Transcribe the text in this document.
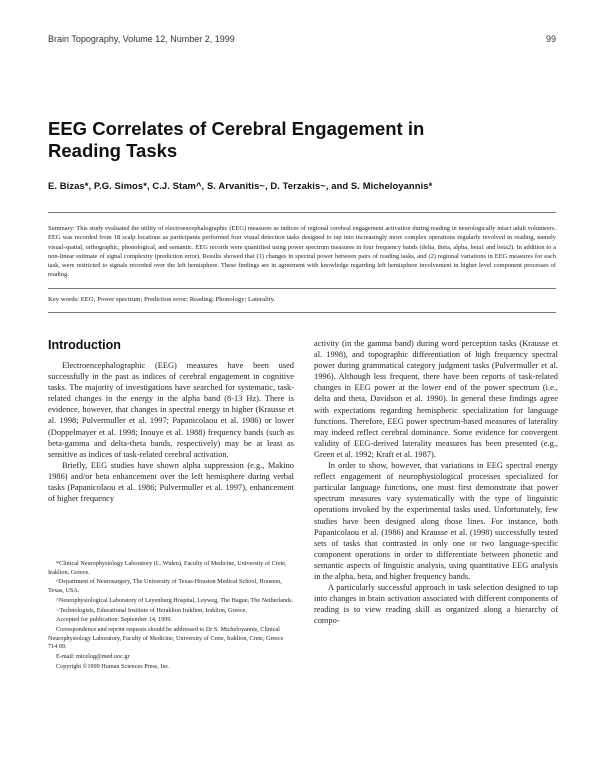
Brain Topography, Volume 12, Number 2, 1999	99
EEG Correlates of Cerebral Engagement in Reading Tasks

E. Bizas*, P.G. Simos*, C.J. Stam^, S. Arvanitis~, D. Terzakis~, and S. Micheloyannis*

Summary: This study evaluated the utility of electroencephalographic (EEG) measures as indices of regional cerebral engagement activation during reading in neurologically intact adult volunteers. EEG was recorded from 18 scalp locations as participants performed four visual detection tasks designed to tap into increasingly more complex operations regularly involved in reading, namely visual-spatial, orthographic, phonological, and semantic. EEG records were quantified using power spectrum measures in four frequency bands (delta, theta, alpha, beta1 and beta2). In addition to a non-linear estimate of signal complexity (prediction error). Results showed that (1) changes in spectral power between pairs of reading tasks, and (2) regional variations in EEG measures for each task, were restricted to signals recorded over the left hemisphere. These findings are in agreement with knowledge regarding left hemisphere involvement in higher level component processes of reading.

Key words: EEG; Power spectrum; Prediction error; Reading; Phonology; Laterality.

Introduction

Electroencephalographic (EEG) measures have been used successfully in the past as indices of cerebral engagement in cognitive tasks. The majority of investigations have searched for systematic, task-related changes in the energy in the alpha band (8-13 Hz). There is evidence, however, that changes in spectral energy in higher (Krausse et al. 1998; Pulvermuller et al. 1997; Papanicolaou et al. 1986) or lower (Doppelmayer et al. 1998; Inouye et al. 1988) frequency bands (such as beta-gamma and delta-theta bands, respectively) may be at least as sensitive as indices of task-related cerebral activation.

Briefly, EEG studies have shown alpha suppression (e.g., Makino 1986) and/or beta enhancement over the left hemisphere during verbal tasks (Papanicolaou et al. 1986; Pulvermuller et al. 1997), enhancement of higher frequency

*Clinical Neurophysiology Laboratory (L. Widen), Faculty of Medicine, University of Crete, Iraklion, Greece.

^Department of Neurosurgery, The University of Texas-Houston Medical School, Houston, Texas, USA.

^Neurophysiological Laboratory of Leyenburg Hospital, Leyweg, The Hague, The Netherlands.

~Technologists, Educational Institute of Heraklion Iraklion, Iraklion, Greece.

Accepted for publication: September 14, 1999.

Correspondence and reprint requests should be addressed to Dr S. Micheloyannis, Clinical Neurophysiology Laboratory, Faculty of Medicine, University of Crete, Iraklion, Crete, Greece 714 09.

E-mail: micelog@med.uoc.gr

Copyright ©1999 Human Sciences Press, Inc.

activity (in the gamma band) during word perception tasks (Krausse et al. 1998), and topographic differentiation of high frequency spectral power during grammatical category judgment tasks (Pulvermuller et al. 1996). Although less frequent, there have been reports of task-related changes in EEG power at the lower end of the power spectrum (i.e., delta and theta, Davidson et al. 1990). In general these findings agree with expectations regarding hemispheric specialization for language functions. Therefore, EEG power spectrum-based measures of laterality may indeed reflect cerebral dominance. Some evidence for convergent validity of EEG-derived laterality measures has been presented (e.g., Green et al. 1992; Kraft et al. 1987).

In order to show, however, that variations in EEG spectral energy reflect engagement of neurophysiological processes specialized for particular language functions, one must first demonstrate that power spectrum measures vary systematically with the type of linguistic operations invoked by the experimental tasks used. Unfortunately, few studies have been designed along those lines. For instance, both Papanicolaou et al. (1986) and Krausse et al. (1998) successfully tested sets of tasks that contrasted in only one or two language-specific component operations in order to differentiate between phonetic and semantic aspects of linguistic analysis, using quantitative EEG analysis in the alpha, beta, and higher frequency bands.

A particularly successful approach in task selection designed to tap into changes in brain activation associated with different components of reading is to view reading skill as organized along a hierarchy of compo-
